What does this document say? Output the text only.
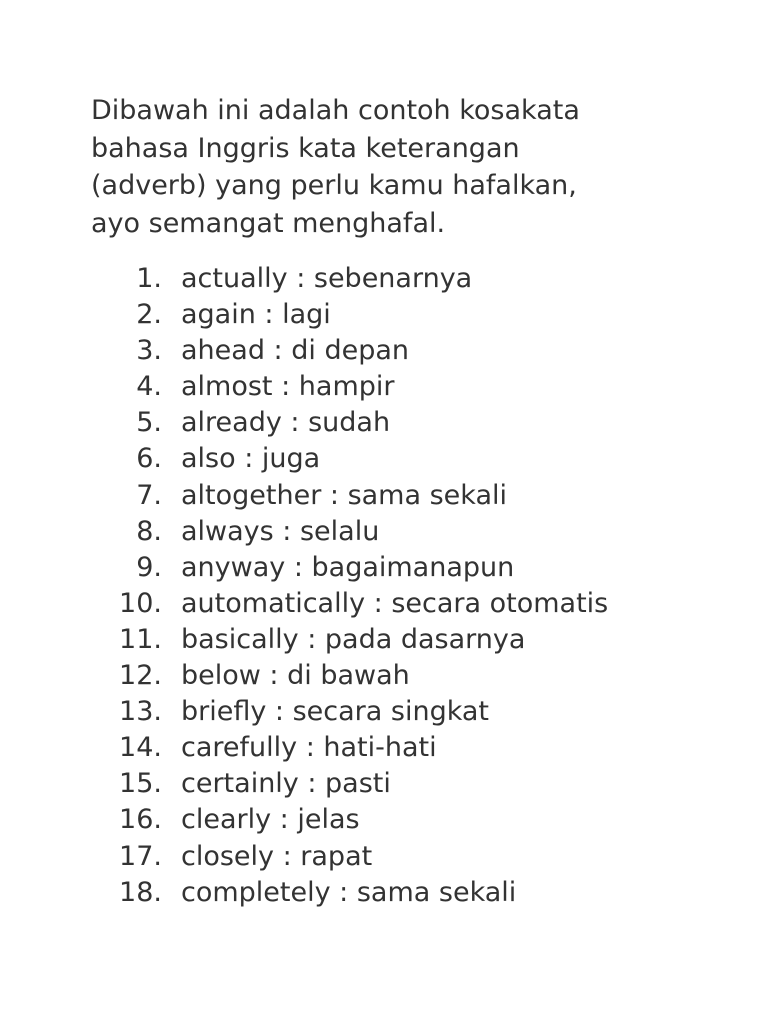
Dibawah ini adalah contoh kosakata
bahasa Inggris kata keterangan
(adverb) yang perlu kamu hafalkan,
ayo semangat menghafal.

1. actually : sebenarnya
2. again : lagi
3. ahead : di depan
4. almost : hampir
5. already : sudah
6. also : juga
7. altogether : sama sekali
8. always : selalu
9. anyway : bagaimanapun
10. automatically : secara otomatis
11. basically : pada dasarnya
12. below : di bawah
13. briefly : secara singkat
14. carefully : hati-hati
15. certainly : pasti
16. clearly : jelas
17. closely : rapat
18. completely : sama sekali
